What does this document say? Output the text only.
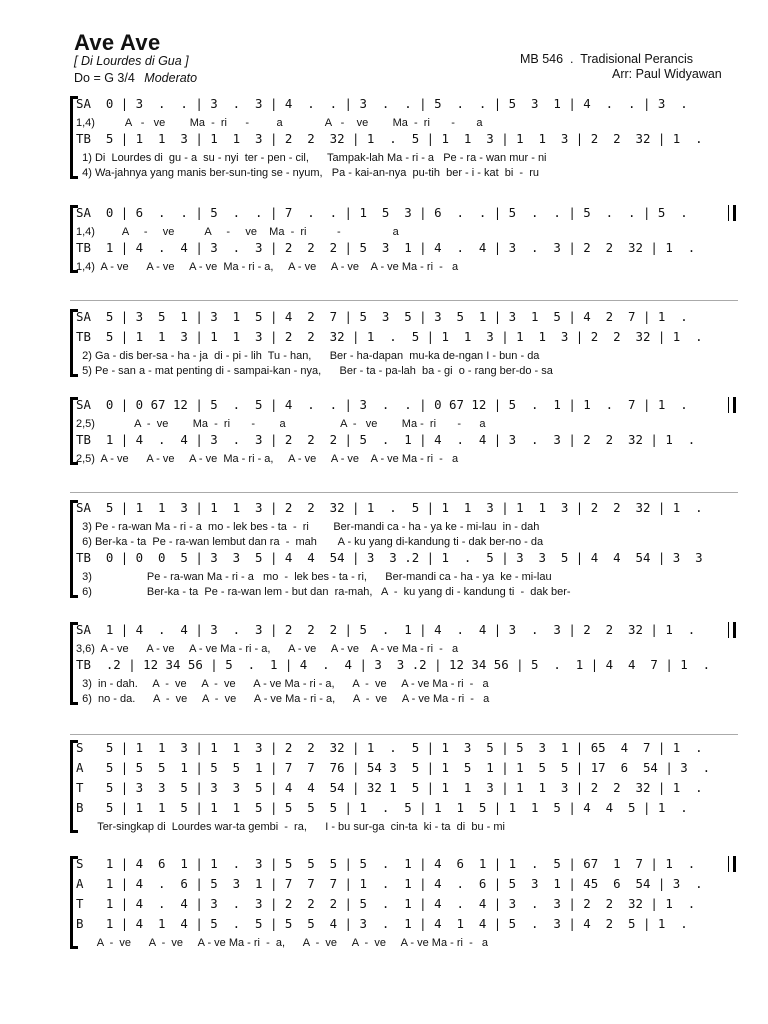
Ave Ave
[ Di Lourdes di Gua ]
Do = G 3/4 Moderato
MB 546  .  Tradisional Perancis
Arr: Paul Widyawan
SA  0 | 3  .  . | 3  .  3 | 4  .  . | 3  .  . | 5  .  . | 5  3  1 | 4  .  . | 3  .
1,4)          A   -   ve        Ma  -  ri      -         a              A   -    ve        Ma  -  ri       -       a
TB  5 | 1  1  3 | 1  1  3 | 2  2  32 | 1  .  5 | 1  1  3 | 1  1  3 | 2  2  32 | 1  .
1) Di  Lourdes di  gu - a  su - nyi  ter - pen - cil,      Tampak-lah Ma - ri - a   Pe - ra - wan mur - ni
4) Wa-jahnya yang manis ber-sun-ting se - nyum,   Pa - kai-an-nya  pu-tih  ber - i - kat  bi  -  ru
SA  0 | 6  .  . | 5  .  . | 7  .  . | 1  5  3 | 6  .  . | 5  .  . | 5  .  . | 5  .
1,4)         A     -     ve          A     -     ve    Ma  -  ri          -                 a
TB  1 | 4  .  4 | 3  .  3 | 2  2  2 | 5  3  1 | 4  .  4 | 3  .  3 | 2  2  32 | 1  .
1,4)  A - ve      A - ve     A - ve  Ma - ri - a,     A - ve     A - ve    A - ve Ma - ri  -   a
SA  5 | 3  5  1 | 3  1  5 | 4  2  7 | 5  3  5 | 3  5  1 | 3  1  5 | 4  2  7 | 1  .
TB  5 | 1  1  3 | 1  1  3 | 2  2  32 | 1  .  5 | 1  1  3 | 1  1  3 | 2  2  32 | 1  .
2) Ga - dis ber-sa - ha - ja  di - pi - lih  Tu - han,      Ber - ha-dapan  mu-ka de-ngan I - bun - da
5) Pe - san a - mat penting di - sampai-kan - nya,      Ber - ta - pa-lah  ba - gi  o - rang ber-do - sa
SA  0 | 0 67 12 | 5  .  5 | 4  .  . | 3  .  . | 0 67 12 | 5  .  1 | 1  .  7 | 1  .
2,5)             A  -  ve        Ma  -  ri       -        a                  A  -   ve        Ma -  ri       -      a
TB  1 | 4  .  4 | 3  .  3 | 2  2  2 | 5  .  1 | 4  .  4 | 3  .  3 | 2  2  32 | 1  .
2,5)  A - ve      A - ve     A - ve  Ma - ri - a,     A - ve     A - ve    A - ve Ma - ri  -   a
SA  5 | 1  1  3 | 1  1  3 | 2  2  32 | 1  .  5 | 1  1  3 | 1  1  3 | 2  2  32 | 1  .
3) Pe - ra-wan Ma - ri - a  mo - lek bes - ta  -  ri        Ber-mandi ca - ha - ya ke - mi-lau  in - dah
6) Ber-ka - ta  Pe - ra-wan lembut dan ra  -  mah       A - ku yang di-kandung ti - dak ber-no - da
TB  0 | 0  0  5 | 3  3  5 | 4  4  54 | 3  3 .2 | 1  .  5 | 3  3  5 | 4  4  54 | 3  3
3)                  Pe - ra-wan Ma - ri - a   mo  -  lek bes - ta - ri,      Ber-mandi ca - ha - ya  ke - mi-lau
6)                  Ber-ka - ta  Pe - ra-wan lem - but dan  ra-mah,   A  -  ku yang di - kandung ti  -  dak ber-
SA  1 | 4  .  4 | 3  .  3 | 2  2  2 | 5  .  1 | 4  .  4 | 3  .  3 | 2  2  32 | 1  .
3,6)  A - ve      A - ve     A - ve Ma - ri - a,      A - ve     A - ve    A - ve Ma - ri  -   a
TB  .2 | 12 34 56 | 5  .  1 | 4  .  4 | 3  3 .2 | 12 34 56 | 5  .  1 | 4  4  7 | 1  .
3)  in - dah.     A  -  ve     A  -  ve      A - ve Ma - ri - a,      A  -  ve     A - ve Ma - ri  -   a
6)  no - da.      A  -  ve     A  -  ve      A - ve Ma - ri - a,      A  -  ve     A - ve Ma - ri  -   a
S   5 | 1  1  3 | 1  1  3 | 2  2  32 | 1  .  5 | 1  3  5 | 5  3  1 | 65  4  7 | 1  .
A   5 | 5  5  1 | 5  5  1 | 7  7  76 | 54 3  5 | 1  5  1 | 1  5  5 | 17  6  54 | 3  .
T   5 | 3  3  5 | 3  3  5 | 4  4  54 | 32 1  5 | 1  1  3 | 1  1  3 | 2  2  32 | 1  .
B   5 | 1  1  5 | 1  1  5 | 5  5  5 | 1  .  5 | 1  1  5 | 1  1  5 | 4  4  5 | 1  .
Ter-singkap di  Lourdes war-ta gembi  -  ra,      I - bu sur-ga  cin-ta  ki - ta  di  bu - mi
S   1 | 4  6  1 | 1  .  3 | 5  5  5 | 5  .  1 | 4  6  1 | 1  .  5 | 67  1  7 | 1  .
A   1 | 4  .  6 | 5  3  1 | 7  7  7 | 1  .  1 | 4  .  6 | 5  3  1 | 45  6  54 | 3  .
T   1 | 4  .  4 | 3  .  3 | 2  2  2 | 5  .  1 | 4  .  4 | 3  .  3 | 2  2  32 | 1  .
B   1 | 4  1  4 | 5  .  5 | 5  5  4 | 3  .  1 | 4  1  4 | 5  .  3 | 4  2  5 | 1  .
A  -  ve      A  -  ve     A - ve Ma - ri  -  a,      A  -  ve     A  -  ve     A - ve Ma - ri  -   a
